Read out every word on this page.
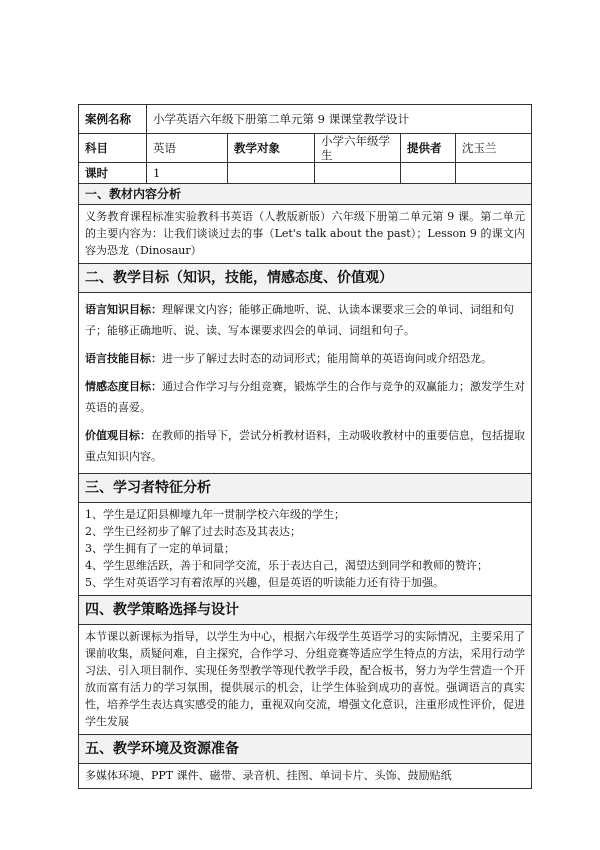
案例名称	小学英语六年级下册第二单元第 9 课课堂教学设计				
科目	英语	教学对象	小学六年级学生	提供者	沈玉兰
课时	1				
一、教材内容分析					

义务教育课程标准实验教科书英语（人教版新版）六年级下册第二单元第 9 课。第二单元的主要内容为：让我们谈谈过去的事（Let's talk about the past）；Lesson 9 的课文内容为恐龙（Dinosaur）					

二、教学目标（知识，技能，情感态度、价值观）					

语言知识目标：理解课文内容；能够正确地听、说、认读本课要求三会的单词、词组和句子；能够正确地听、说、读、写本课要求四会的单词、词组和句子。

语言技能目标：进一步了解过去时态的动词形式；能用简单的英语询问或介绍恐龙。

情感态度目标：通过合作学习与分组竞赛，锻炼学生的合作与竞争的双赢能力；激发学生对英语的喜爱。

价值观目标：在教师的指导下，尝试分析教材语料，主动吸收教材中的重要信息，包括提取重点知识内容。					

三、学习者特征分析					

1、学生是辽阳县柳壕九年一贯制学校六年级的学生；

2、学生已经初步了解了过去时态及其表达；

3、学生拥有了一定的单词量；

4、学生思维活跃，善于和同学交流，乐于表达自己，渴望达到同学和教师的赞许；

5、学生对英语学习有着浓厚的兴趣，但是英语的听读能力还有待于加强。					

四、教学策略选择与设计					

本节课以新课标为指导，以学生为中心，根据六年级学生英语学习的实际情况，主要采用了课前收集，质疑问难，自主探究，合作学习、分组竞赛等适应学生特点的方法，采用行动学习法、引入项目制作、实现任务型教学等现代教学手段，配合板书，努力为学生营造一个开放而富有活力的学习氛围，提供展示的机会，让学生体验到成功的喜悦。强调语言的真实性，培养学生表达真实感受的能力，重视双向交流，增强文化意识，注重形成性评价，促进学生发展					

五、教学环境及资源准备					

多媒体环境、PPT 课件、磁带、录音机、挂图、单词卡片、头饰、鼓励贴纸					
